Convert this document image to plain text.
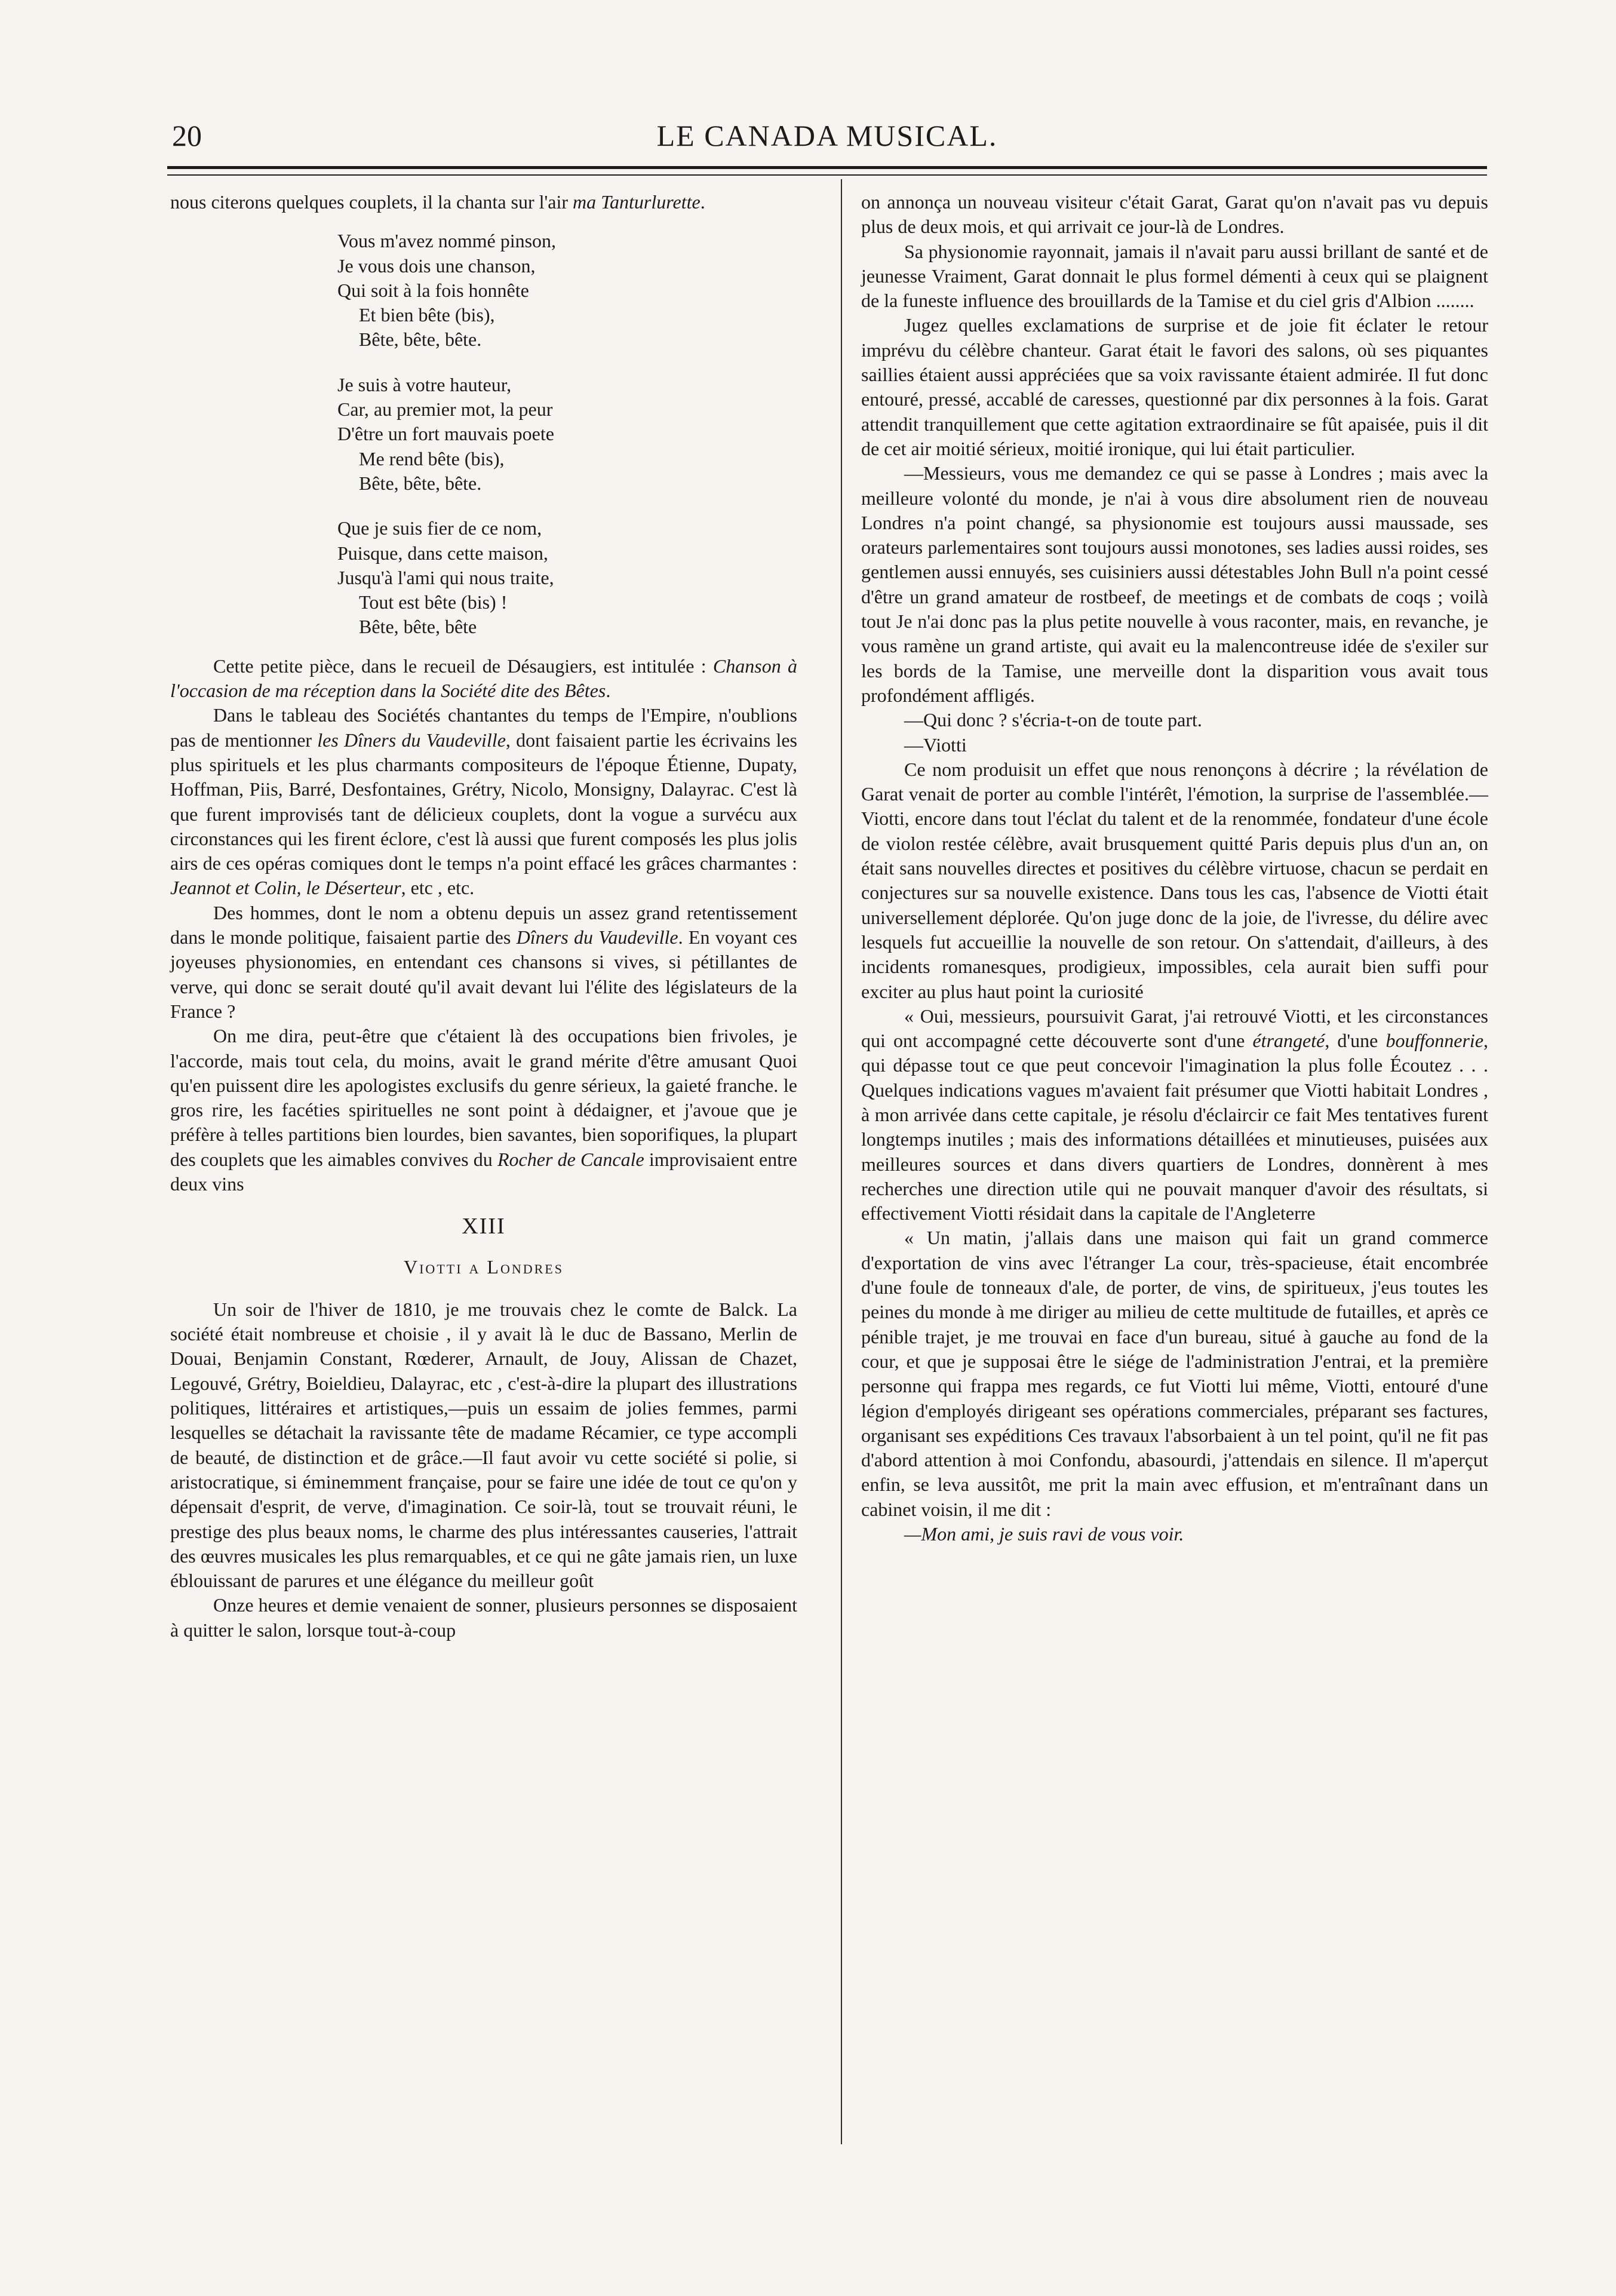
20	LE CANADA MUSICAL.

nous citerons quelques couplets, il la chanta sur l'air ma Tanturlurette.

Vous m'avez nommé pinson,
Je vous dois une chanson,
Qui soit à la fois honnête
Et bien bête (bis),
Bête, bête, bête.
Je suis à votre hauteur,
Car, au premier mot, la peur
D'être un fort mauvais poete
Me rend bête (bis),
Bête, bête, bête.
Que je suis fier de ce nom,
Puisque, dans cette maison,
Jusqu'à l'ami qui nous traite,
Tout est bête (bis) !
Bête, bête, bête

Cette petite pièce, dans le recueil de Désaugiers, est intitulée : Chanson à l'occasion de ma réception dans la Société dite des Bêtes.

Dans le tableau des Sociétés chantantes du temps de l'Empire, n'oublions pas de mentionner les Dîners du Vaudeville, dont faisaient partie les écrivains les plus spirituels et les plus charmants compositeurs de l'époque Étienne, Dupaty, Hoffman, Piis, Barré, Desfontaines, Grétry, Nicolo, Monsigny, Dalayrac. C'est là que furent improvisés tant de délicieux couplets, dont la vogue a survécu aux circonstances qui les firent éclore, c'est là aussi que furent composés les plus jolis airs de ces opéras comiques dont le temps n'a point effacé les grâces charmantes : Jeannot et Colin, le Déserteur, etc , etc.

Des hommes, dont le nom a obtenu depuis un assez grand retentissement dans le monde politique, faisaient partie des Dîners du Vaudeville. En voyant ces joyeuses physionomies, en entendant ces chansons si vives, si pétillantes de verve, qui donc se serait douté qu'il avait devant lui l'élite des législateurs de la France ?

On me dira, peut-être que c'étaient là des occupations bien frivoles, je l'accorde, mais tout cela, du moins, avait le grand mérite d'être amusant Quoi qu'en puissent dire les apologistes exclusifs du genre sérieux, la gaieté franche. le gros rire, les facéties spirituelles ne sont point à dédaigner, et j'avoue que je préfère à telles partitions bien lourdes, bien savantes, bien soporifiques, la plupart des couplets que les aimables convives du Rocher de Cancale improvisaient entre deux vins

XIII
Viotti a Londres

Un soir de l'hiver de 1810, je me trouvais chez le comte de Balck. La société était nombreuse et choisie , il y avait là le duc de Bassano, Merlin de Douai, Benjamin Constant, Rœderer, Arnault, de Jouy, Alissan de Chazet, Legouvé, Grétry, Boieldieu, Dalayrac, etc , c'est-à-dire la plupart des illustrations politiques, littéraires et artistiques,—puis un essaim de jolies femmes, parmi lesquelles se détachait la ravissante tête de madame Récamier, ce type accompli de beauté, de distinction et de grâce.—Il faut avoir vu cette société si polie, si aristocratique, si éminemment française, pour se faire une idée de tout ce qu'on y dépensait d'esprit, de verve, d'imagination. Ce soir-là, tout se trouvait réuni, le prestige des plus beaux noms, le charme des plus intéressantes causeries, l'attrait des œuvres musicales les plus remarquables, et ce qui ne gâte jamais rien, un luxe éblouissant de parures et une élégance du meilleur goût

Onze heures et demie venaient de sonner, plusieurs personnes se disposaient à quitter le salon, lorsque tout-à-coup

on annonça un nouveau visiteur c'était Garat, Garat qu'on n'avait pas vu depuis plus de deux mois, et qui arrivait ce jour-là de Londres.

Sa physionomie rayonnait, jamais il n'avait paru aussi brillant de santé et de jeunesse Vraiment, Garat donnait le plus formel démenti à ceux qui se plaignent de la funeste influence des brouillards de la Tamise et du ciel gris d'Albion ........

Jugez quelles exclamations de surprise et de joie fit éclater le retour imprévu du célèbre chanteur. Garat était le favori des salons, où ses piquantes saillies étaient aussi appréciées que sa voix ravissante étaient admirée. Il fut donc entouré, pressé, accablé de caresses, questionné par dix personnes à la fois. Garat attendit tranquillement que cette agitation extraordinaire se fût apaisée, puis il dit de cet air moitié sérieux, moitié ironique, qui lui était particulier.

—Messieurs, vous me demandez ce qui se passe à Londres ; mais avec la meilleure volonté du monde, je n'ai à vous dire absolument rien de nouveau Londres n'a point changé, sa physionomie est toujours aussi maussade, ses orateurs parlementaires sont toujours aussi monotones, ses ladies aussi roides, ses gentlemen aussi ennuyés, ses cuisiniers aussi détestables John Bull n'a point cessé d'être un grand amateur de rostbeef, de meetings et de combats de coqs ; voilà tout Je n'ai donc pas la plus petite nouvelle à vous raconter, mais, en revanche, je vous ramène un grand artiste, qui avait eu la malencontreuse idée de s'exiler sur les bords de la Tamise, une merveille dont la disparition vous avait tous profondément affligés.

—Qui donc ? s'écria-t-on de toute part.

—Viotti

Ce nom produisit un effet que nous renonçons à décrire ; la révélation de Garat venait de porter au comble l'intérêt, l'émotion, la surprise de l'assemblée.—Viotti, encore dans tout l'éclat du talent et de la renommée, fondateur d'une école de violon restée célèbre, avait brusquement quitté Paris depuis plus d'un an, on était sans nouvelles directes et positives du célèbre virtuose, chacun se perdait en conjectures sur sa nouvelle existence. Dans tous les cas, l'absence de Viotti était universellement déplorée. Qu'on juge donc de la joie, de l'ivresse, du délire avec lesquels fut accueillie la nouvelle de son retour. On s'attendait, d'ailleurs, à des incidents romanesques, prodigieux, impossibles, cela aurait bien suffi pour exciter au plus haut point la curiosité

« Oui, messieurs, poursuivit Garat, j'ai retrouvé Viotti, et les circonstances qui ont accompagné cette découverte sont d'une étrangeté, d'une bouffonnerie, qui dépasse tout ce que peut concevoir l'imagination la plus folle Écoutez . . . Quelques indications vagues m'avaient fait présumer que Viotti habitait Londres , à mon arrivée dans cette capitale, je résolu d'éclaircir ce fait Mes tentatives furent longtemps inutiles ; mais des informations détaillées et minutieuses, puisées aux meilleures sources et dans divers quartiers de Londres, donnèrent à mes recherches une direction utile qui ne pouvait manquer d'avoir des résultats, si effectivement Viotti résidait dans la capitale de l'Angleterre

« Un matin, j'allais dans une maison qui fait un grand commerce d'exportation de vins avec l'étranger La cour, très-spacieuse, était encombrée d'une foule de tonneaux d'ale, de porter, de vins, de spiritueux, j'eus toutes les peines du monde à me diriger au milieu de cette multitude de futailles, et après ce pénible trajet, je me trouvai en face d'un bureau, situé à gauche au fond de la cour, et que je supposai être le siége de l'administration J'entrai, et la première personne qui frappa mes regards, ce fut Viotti lui même, Viotti, entouré d'une légion d'employés dirigeant ses opérations commerciales, préparant ses factures, organisant ses expéditions Ces travaux l'absorbaient à un tel point, qu'il ne fit pas d'abord attention à moi Confondu, abasourdi, j'attendais en silence. Il m'aperçut enfin, se leva aussitôt, me prit la main avec effusion, et m'entraînant dans un cabinet voisin, il me dit :

—Mon ami, je suis ravi de vous voir.
